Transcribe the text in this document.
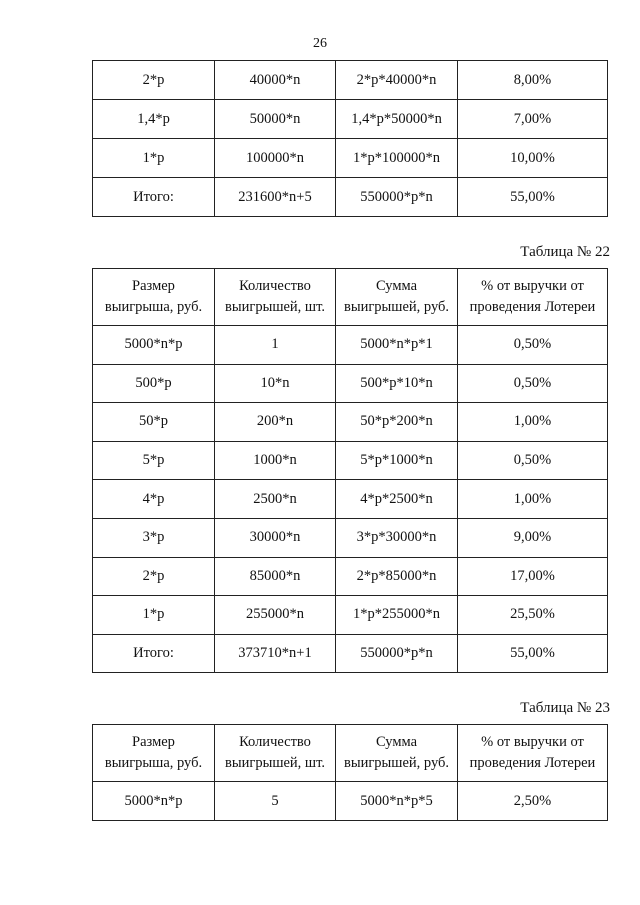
26
2*р	40000*n	2*р*40000*n	8,00%
1,4*р	50000*n	1,4*р*50000*n	7,00%
1*р	100000*n	1*р*100000*n	10,00%
Итого:	231600*n+5	550000*р*n	55,00%
Таблица № 22
Размер выигрыша, руб.	Количество выигрышей, шт.	Сумма выигрышей, руб.	% от выручки от проведения Лотереи
5000*n*р	1	5000*n*р*1	0,50%
500*р	10*n	500*р*10*n	0,50%
50*р	200*n	50*р*200*n	1,00%
5*р	1000*n	5*р*1000*n	0,50%
4*р	2500*n	4*р*2500*n	1,00%
3*р	30000*n	3*р*30000*n	9,00%
2*р	85000*n	2*р*85000*n	17,00%
1*р	255000*n	1*р*255000*n	25,50%
Итого:	373710*n+1	550000*р*n	55,00%
Таблица № 23
Размер выигрыша, руб.	Количество выигрышей, шт.	Сумма выигрышей, руб.	% от выручки от проведения Лотереи
5000*n*р	5	5000*n*р*5	2,50%
